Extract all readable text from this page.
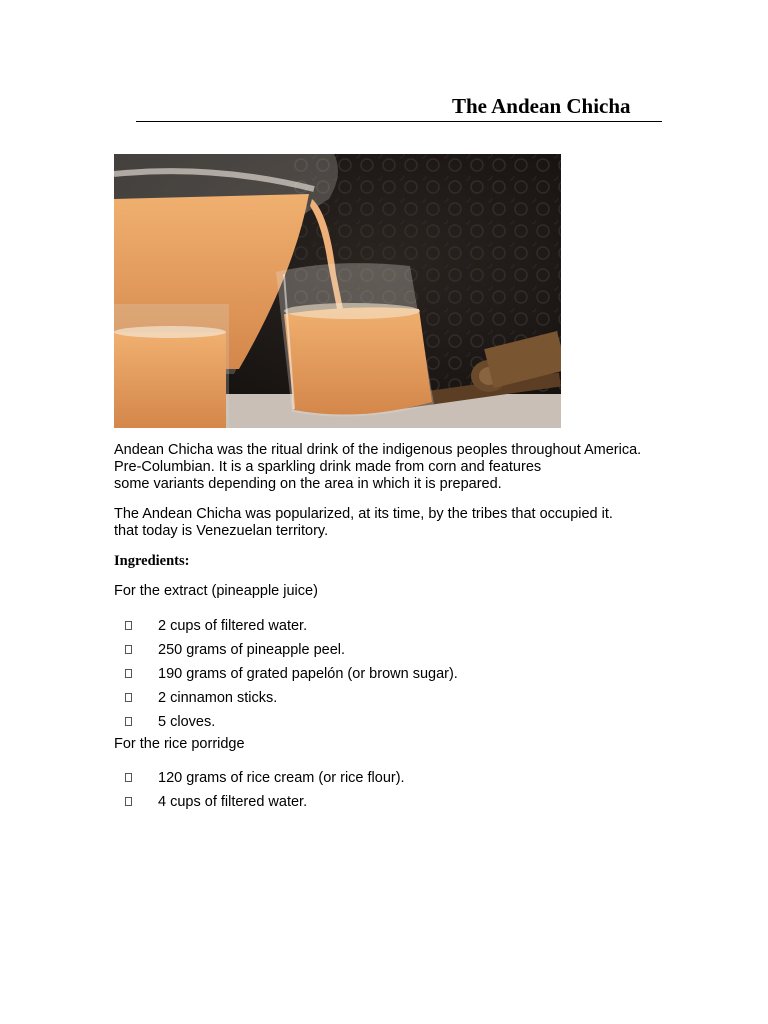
The Andean Chicha

Andean Chicha was the ritual drink of the indigenous peoples throughout America.
Pre-Columbian. It is a sparkling drink made from corn and features
some variants depending on the area in which it is prepared.

The Andean Chicha was popularized, at its time, by the tribes that occupied it.
that today is Venezuelan territory.

Ingredients:

For the extract (pineapple juice)

2 cups of filtered water.
250 grams of pineapple peel.
190 grams of grated papelón (or brown sugar).
2 cinnamon sticks.
5 cloves.

For the rice porridge

120 grams of rice cream (or rice flour).
4 cups of filtered water.
